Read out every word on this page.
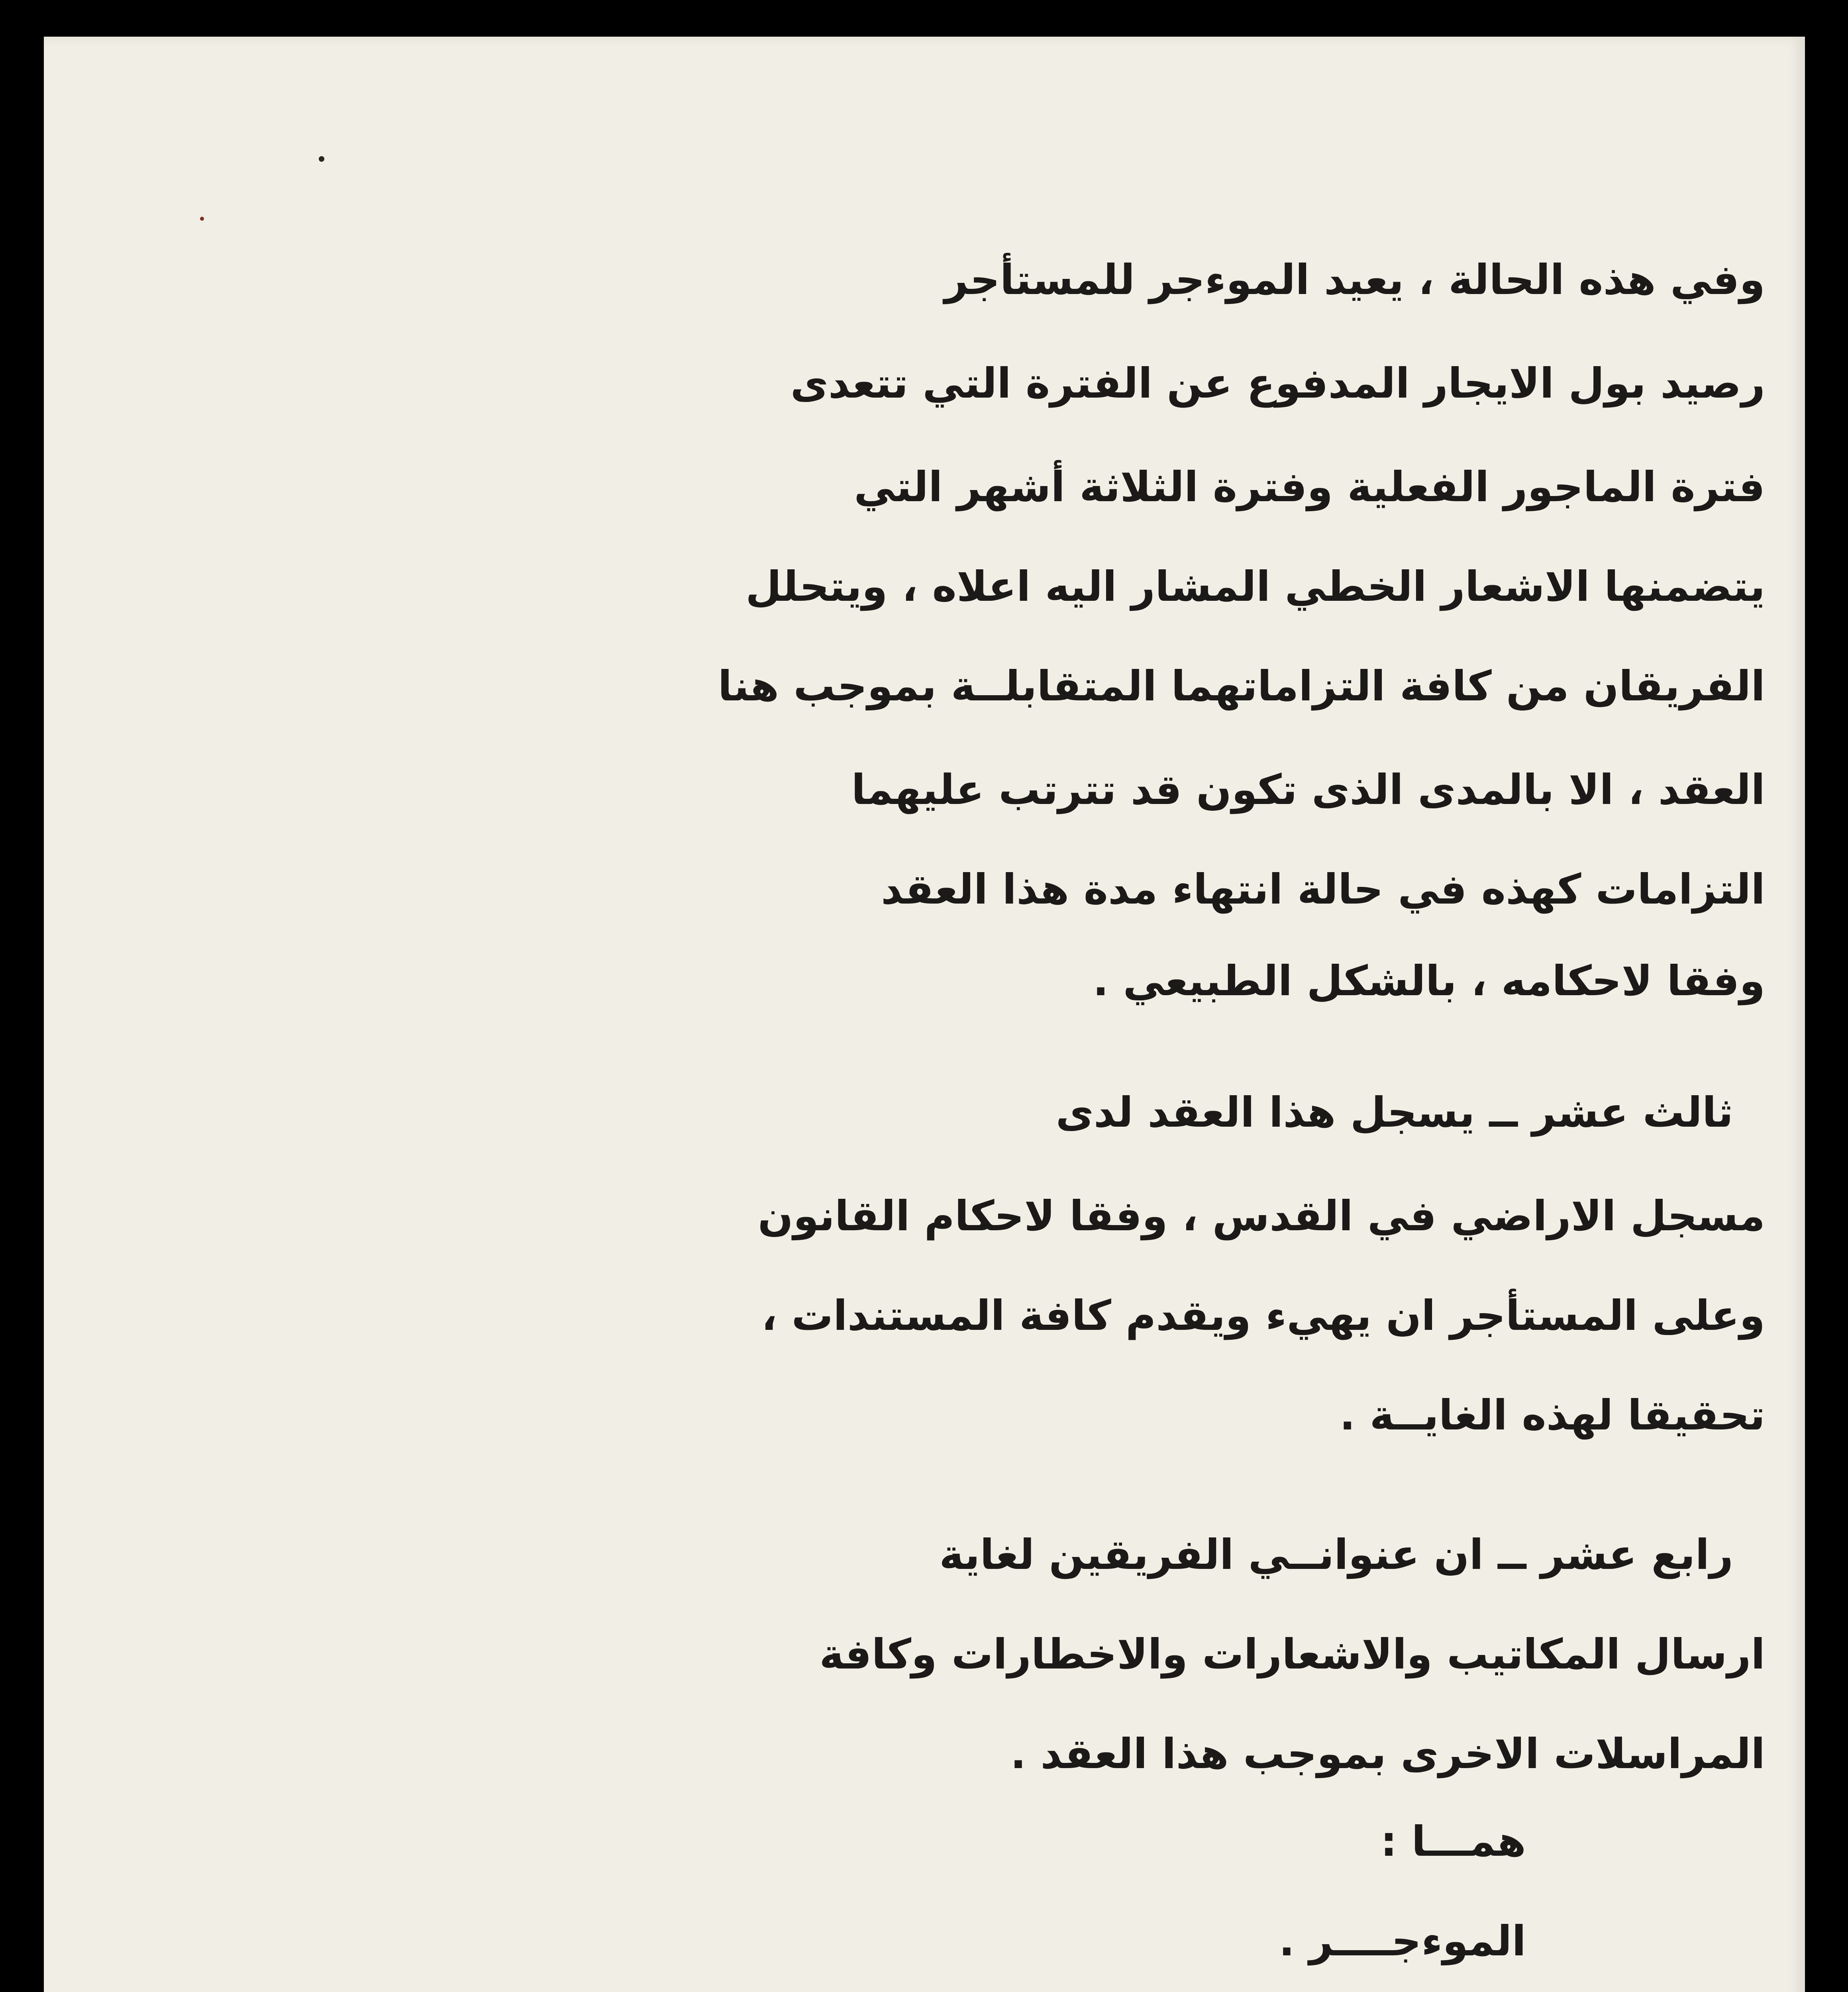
وفي هذه الحالة ، يعيد الموءجر للمستأجر
رصيد بول الايجار المدفوع عن الفترة التي تتعدى
فترة الماجور الفعلية وفترة الثلاثة أشهر التي
يتضمنها الاشعار الخطي المشار اليه اعلاه ، ويتحلل
الفريقان من كافة التزاماتهما المتقابلــة بموجب هنا
العقد ، الا بالمدى الذى تكون قد تترتب عليهما
التزامات كهذه في حالة انتهاء مدة هذا العقد
وفقا لاحكامه ، بالشكل الطبيعي .
ثالث عشر ــ يسجل هذا العقد لدى
مسجل الاراضي في القدس ، وفقا لاحكام القانون
وعلى المستأجر ان يهيء ويقدم كافة المستندات ،
تحقيقا لهذه الغايــة .
رابع عشر ــ ان عنوانــي الفريقين لغاية
ارسال المكاتيب والاشعارات والاخطارات وكافة
المراسلات الاخرى بموجب هذا العقد .
همـــا :
الموءجــــر .
